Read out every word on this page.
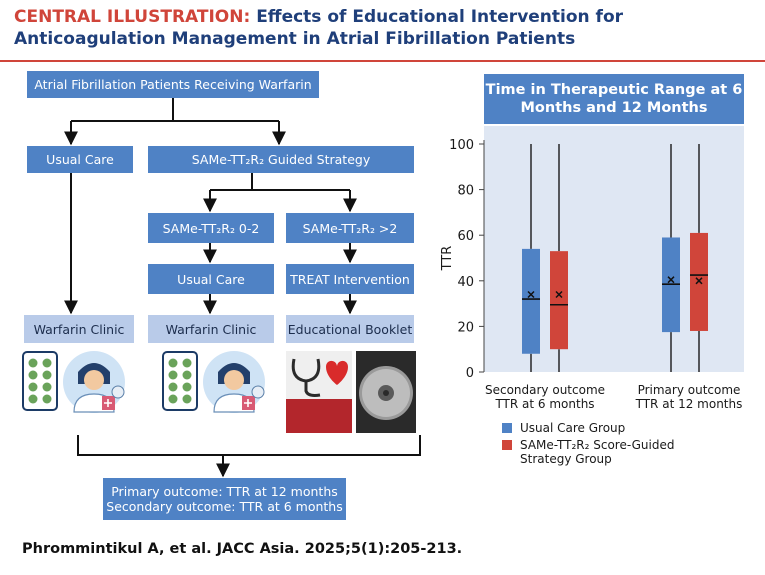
CENTRAL ILLUSTRATION: Effects of Educational Intervention for Anticoagulation Management in Atrial Fibrillation Patients
Atrial Fibrillation Patients Receiving Warfarin
Usual Care	SAMe-TT₂R₂ Guided Strategy
SAMe-TT₂R₂ 0-2	SAMe-TT₂R₂ >2
Usual Care	TREAT Intervention
Warfarin Clinic	Warfarin Clinic	Educational Booklet
Primary outcome: TTR at 12 months
Secondary outcome: TTR at 6 months
Time in Therapeutic Range at 6 Months and 12 Months
0
20
40
60
80
100
TTR
Secondary outcome
TTR at 6 months
Primary outcome
TTR at 12 months
Usual Care Group
SAMe-TT₂R₂ Score-Guided
Strategy Group
Phrommintikul A, et al. JACC Asia. 2025;5(1):205-213.
